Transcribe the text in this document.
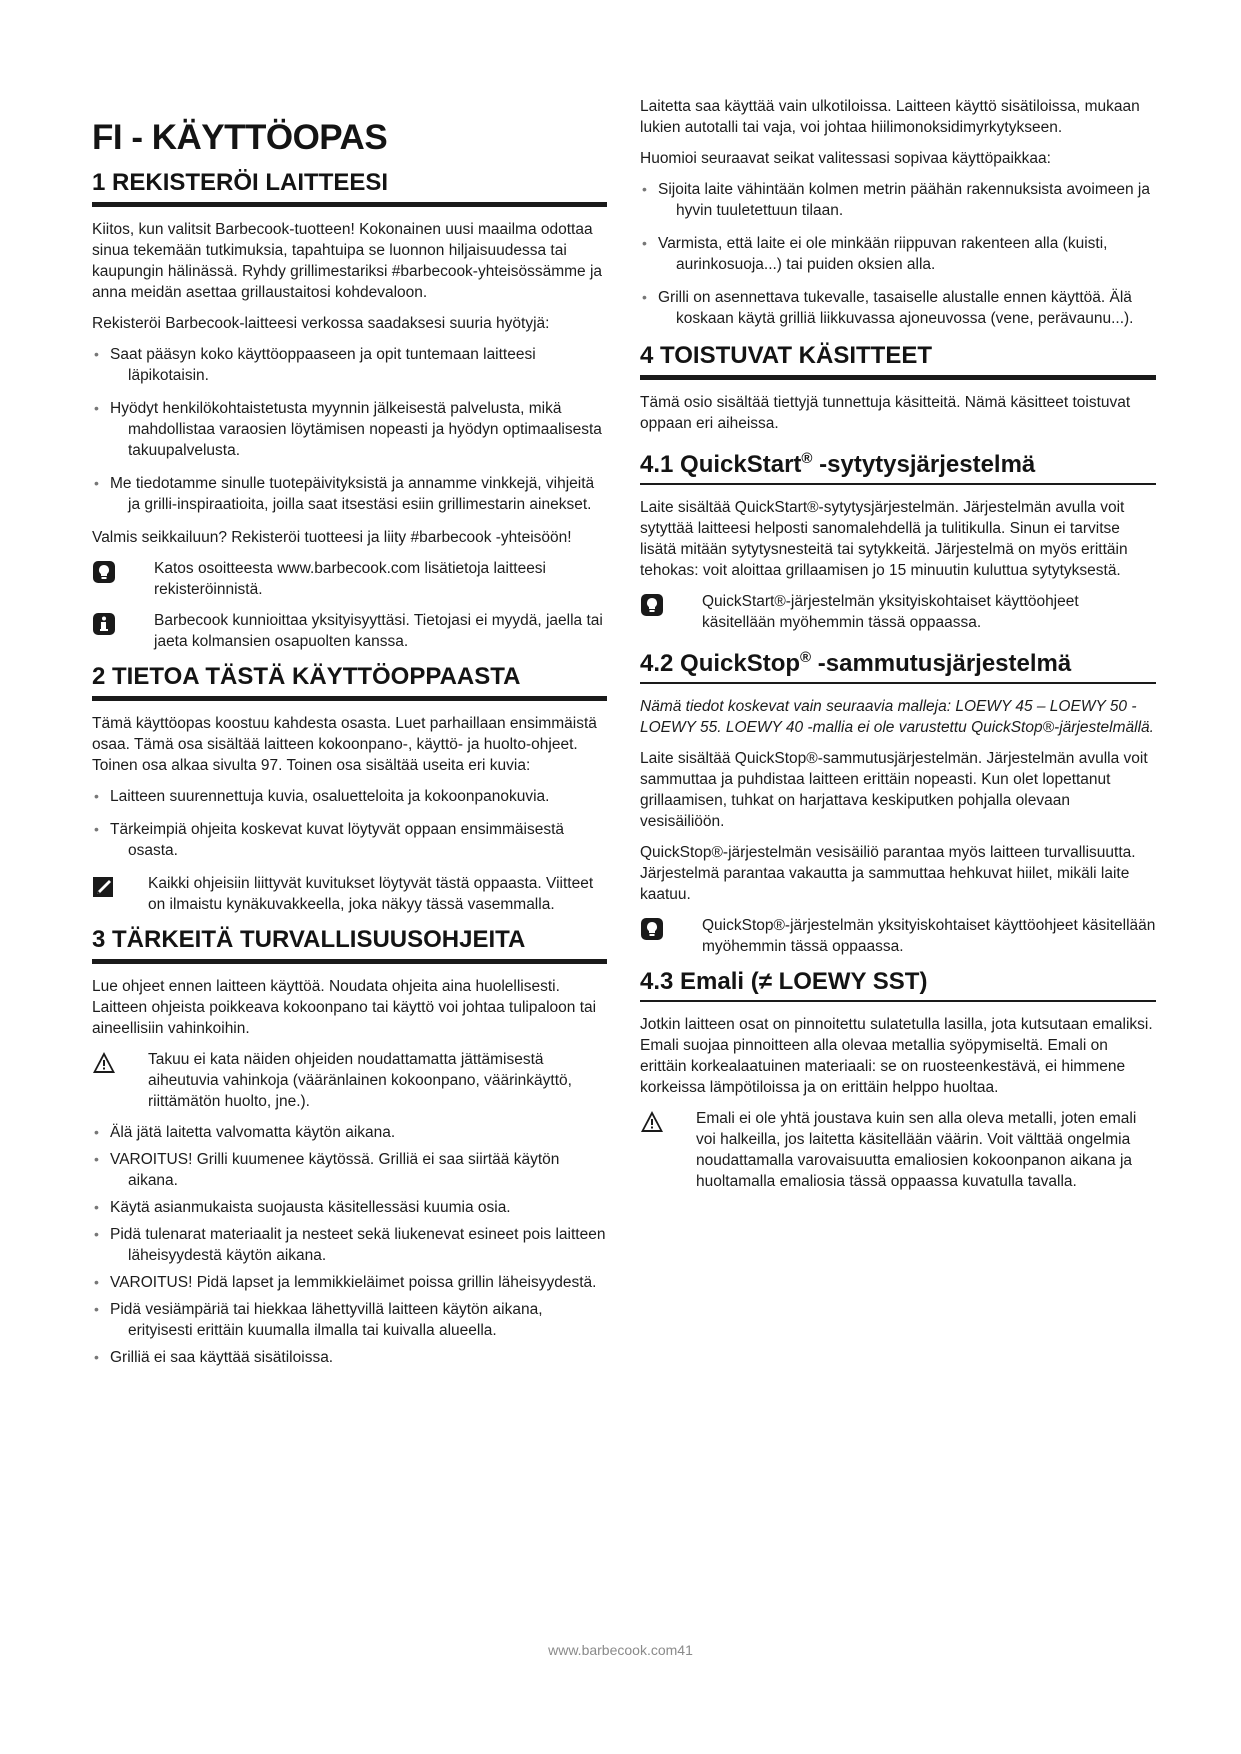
FI - KÄYTTÖOPAS
1 REKISTERÖI LAITTEESI

Kiitos, kun valitsit Barbecook-tuotteen! Kokonainen uusi maailma odottaa sinua tekemään tutkimuksia, tapahtuipa se luonnon hiljaisuudessa tai kaupungin hälinässä. Ryhdy grillimestariksi #barbecook-yhteisössämme ja anna meidän asettaa grillaustaitosi kohdevaloon.

Rekisteröi Barbecook-laitteesi verkossa saadaksesi suuria hyötyjä:

• Saat pääsyn koko käyttöoppaaseen ja opit tuntemaan laitteesi läpikotaisin.
• Hyödyt henkilökohtaistetusta myynnin jälkeisestä palvelusta, mikä mahdollistaa varaosien löytämisen nopeasti ja hyödyn optimaalisesta takuupalvelusta.
• Me tiedotamme sinulle tuotepäivityksistä ja annamme vinkkejä, vihjeitä ja grilli-inspiraatioita, joilla saat itsestäsi esiin grillimestarin ainekset.

Valmis seikkailuun? Rekisteröi tuotteesi ja liity #barbecook -yhteisöön!

Katos osoitteesta www.barbecook.com lisätietoja laitteesi rekisteröinnistä.
Barbecook kunnioittaa yksityisyyttäsi. Tietojasi ei myydä, jaella tai jaeta kolmansien osapuolten kanssa.
2 TIETOA TÄSTÄ KÄYTTÖOPPAASTA

Tämä käyttöopas koostuu kahdesta osasta. Luet parhaillaan ensimmäistä osaa. Tämä osa sisältää laitteen kokoonpano-, käyttö- ja huolto-ohjeet. Toinen osa alkaa sivulta 97. Toinen osa sisältää useita eri kuvia:

• Laitteen suurennettuja kuvia, osaluetteloita ja kokoonpanokuvia.
• Tärkeimpiä ohjeita koskevat kuvat löytyvät oppaan ensimmäisestä osasta.
Kaikki ohjeisiin liittyvät kuvitukset löytyvät tästä oppaasta. Viitteet on ilmaistu kynäkuvakkeella, joka näkyy tässä vasemmalla.
3 TÄRKEITÄ TURVALLISUUSOHJEITA

Lue ohjeet ennen laitteen käyttöä. Noudata ohjeita aina huolellisesti. Laitteen ohjeista poikkeava kokoonpano tai käyttö voi johtaa tulipaloon tai aineellisiin vahinkoihin.

Takuu ei kata näiden ohjeiden noudattamatta jättämisestä aiheutuvia vahinkoja (vääränlainen kokoonpano, väärinkäyttö, riittämätön huolto, jne.).
• Älä jätä laitetta valvomatta käytön aikana.
• VAROITUS! Grilli kuumenee käytössä. Grilliä ei saa siirtää käytön aikana.
• Käytä asianmukaista suojausta käsitellessäsi kuumia osia.
• Pidä tulenarat materiaalit ja nesteet sekä liukenevat esineet pois laitteen läheisyydestä käytön aikana.
• VAROITUS! Pidä lapset ja lemmikkieläimet poissa grillin läheisyydestä.
• Pidä vesiämpäriä tai hiekkaa lähettyvillä laitteen käytön aikana, erityisesti erittäin kuumalla ilmalla tai kuivalla alueella.
• Grilliä ei saa käyttää sisätiloissa.

Laitetta saa käyttää vain ulkotiloissa. Laitteen käyttö sisätiloissa, mukaan lukien autotalli tai vaja, voi johtaa hiilimonoksidimyrkytykseen.

Huomioi seuraavat seikat valitessasi sopivaa käyttöpaikkaa:

• Sijoita laite vähintään kolmen metrin päähän rakennuksista avoimeen ja hyvin tuuletettuun tilaan.
• Varmista, että laite ei ole minkään riippuvan rakenteen alla (kuisti, aurinkosuoja...) tai puiden oksien alla.
• Grilli on asennettava tukevalle, tasaiselle alustalle ennen käyttöä. Älä koskaan käytä grilliä liikkuvassa ajoneuvossa (vene, perävaunu...).
4 TOISTUVAT KÄSITTEET

Tämä osio sisältää tiettyjä tunnettuja käsitteitä. Nämä käsitteet toistuvat oppaan eri aiheissa.

4.1 QuickStart® -sytytysjärjestelmä

Laite sisältää QuickStart®-sytytysjärjestelmän. Järjestelmän avulla voit sytyttää laitteesi helposti sanomalehdellä ja tulitikulla. Sinun ei tarvitse lisätä mitään sytytysnesteitä tai sytykkeitä. Järjestelmä on myös erittäin tehokas: voit aloittaa grillaamisen jo 15 minuutin kuluttua sytytyksestä.

QuickStart®-järjestelmän yksityiskohtaiset käyttöohjeet käsitellään myöhemmin tässä oppaassa.
4.2 QuickStop® -sammutusjärjestelmä

Nämä tiedot koskevat vain seuraavia malleja: LOEWY 45 – LOEWY 50 - LOEWY 55. LOEWY 40 -mallia ei ole varustettu QuickStop®-järjestelmällä.

Laite sisältää QuickStop®-sammutusjärjestelmän. Järjestelmän avulla voit sammuttaa ja puhdistaa laitteen erittäin nopeasti. Kun olet lopettanut grillaamisen, tuhkat on harjattava keskiputken pohjalla olevaan vesisäiliöön.

QuickStop®-järjestelmän vesisäiliö parantaa myös laitteen turvallisuutta. Järjestelmä parantaa vakautta ja sammuttaa hehkuvat hiilet, mikäli laite kaatuu.

QuickStop®-järjestelmän yksityiskohtaiset käyttöohjeet käsitellään myöhemmin tässä oppaassa.
4.3 Emali (≠ LOEWY SST)

Jotkin laitteen osat on pinnoitettu sulatetulla lasilla, jota kutsutaan emaliksi. Emali suojaa pinnoitteen alla olevaa metallia syöpymiseltä. Emali on erittäin korkealaatuinen materiaali: se on ruosteenkestävä, ei himmene korkeissa lämpötiloissa ja on erittäin helppo huoltaa.

Emali ei ole yhtä joustava kuin sen alla oleva metalli, joten emali voi halkeilla, jos laitetta käsitellään väärin. Voit välttää ongelmia noudattamalla varovaisuutta emaliosien kokoonpanon aikana ja huoltamalla emaliosia tässä oppaassa kuvatulla tavalla.
www.barbecook.com41
